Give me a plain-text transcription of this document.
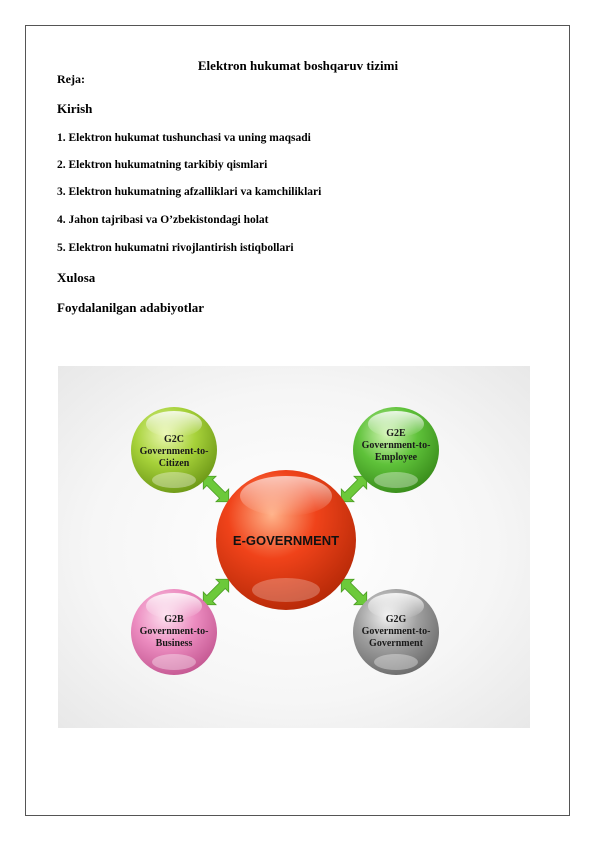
Elektron hukumat boshqaruv tizimi
Reja:
Kirish
1. Elektron hukumat tushunchasi va uning maqsadi
2. Elektron hukumatning tarkibiy qismlari
3. Elektron hukumatning afzalliklari va kamchiliklari
4. Jahon tajribasi va O’zbekistondagi holat
5. Elektron hukumatni rivojlantirish istiqbollari
Xulosa
Foydalanilgan adabiyotlar
G2C
Government-to-
Citizen
G2E
Government-to-
Employee
G2B
Government-to-
Business
G2G
Government-to-
Government
E-GOVERNMENT
